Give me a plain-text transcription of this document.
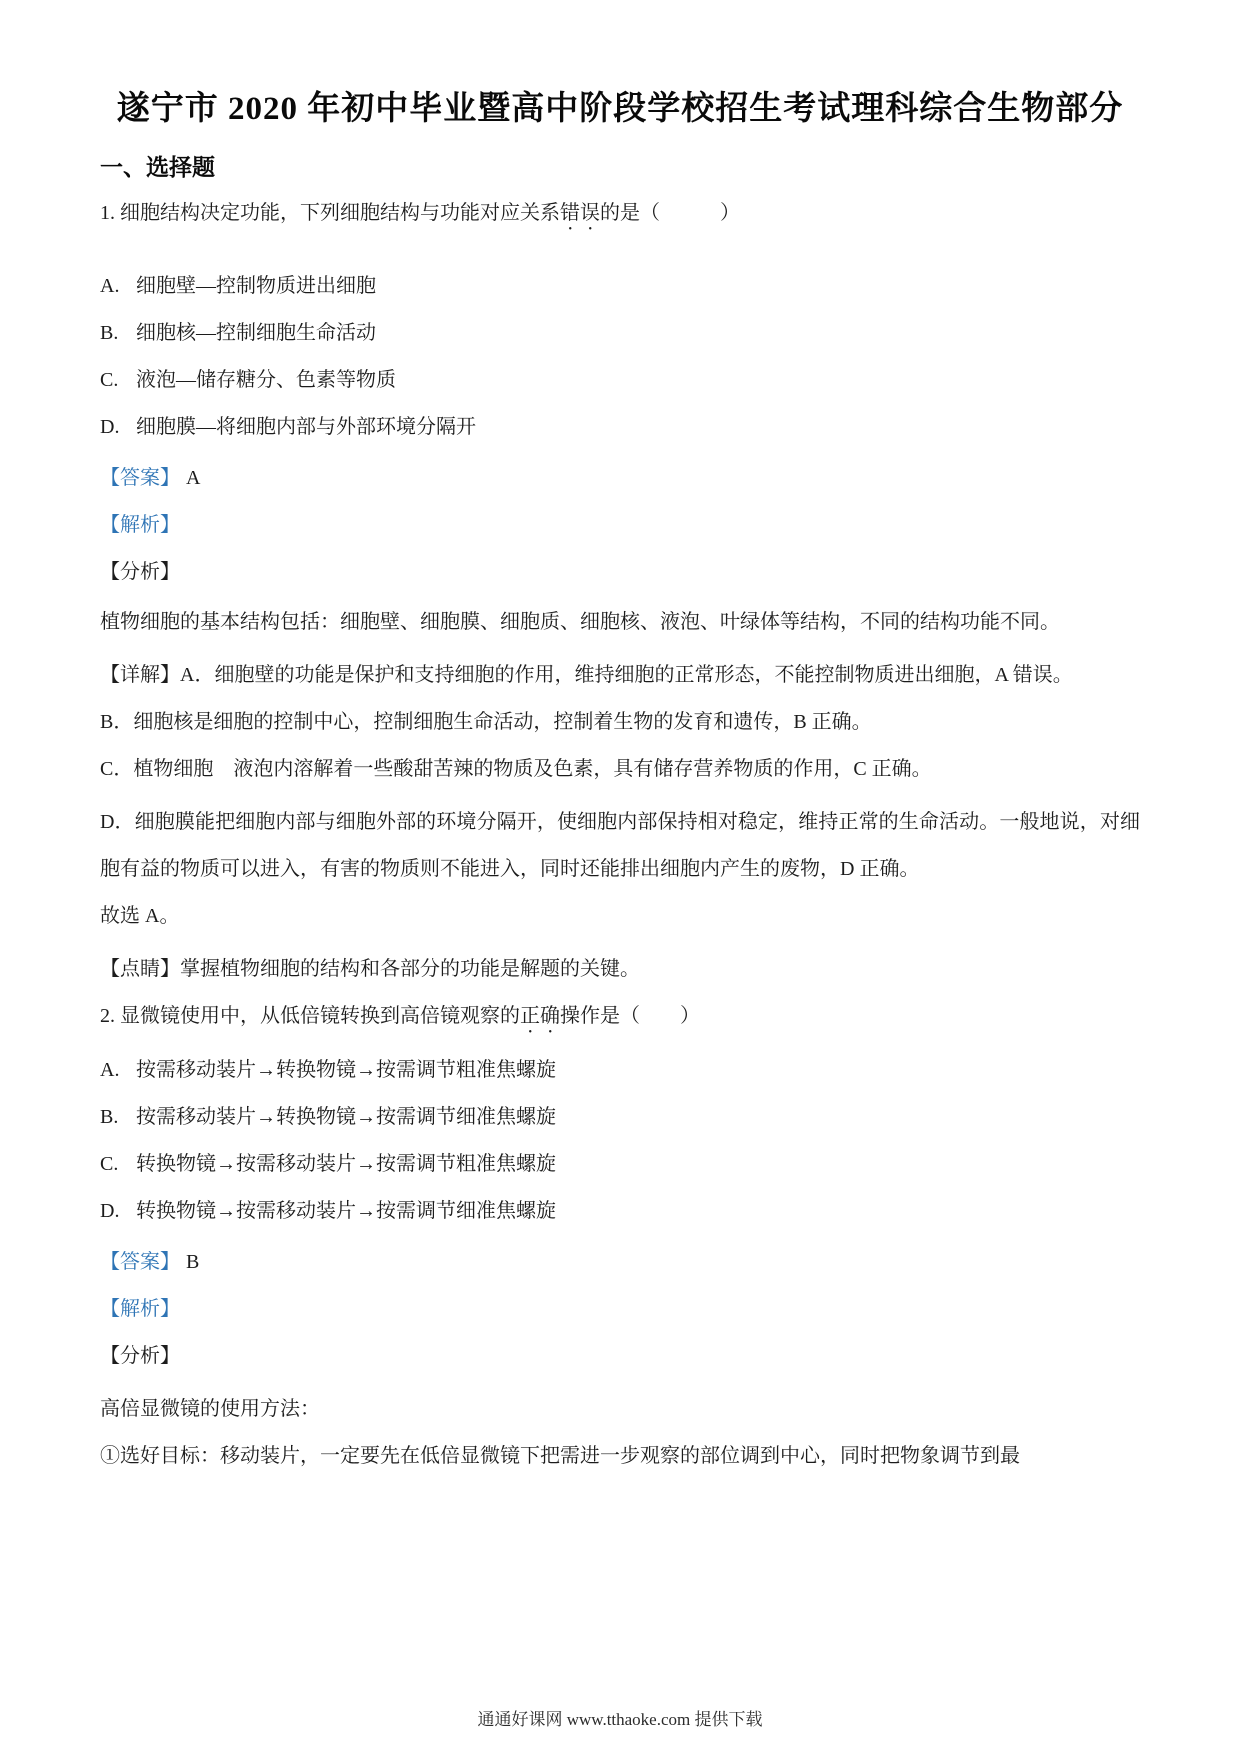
遂宁市 2020 年初中毕业暨高中阶段学校招生考试理科综合生物部分
一、选择题

1. 细胞结构决定功能，下列细胞结构与功能对应关系错误的是（　　　）

A. 细胞壁—控制物质进出细胞

B. 细胞核—控制细胞生命活动

C. 液泡—储存糖分、色素等物质

D. 细胞膜—将细胞内部与外部环境分隔开

【答案】 A

【解析】

【分析】

植物细胞的基本结构包括：细胞壁、细胞膜、细胞质、细胞核、液泡、叶绿体等结构，不同的结构功能不同。

【详解】A．细胞壁的功能是保护和支持细胞的作用，维持细胞的正常形态，不能控制物质进出细胞，A 错误。

B．细胞核是细胞的控制中心，控制细胞生命活动，控制着生物的发育和遗传，B 正确。

C．植物细胞　液泡内溶解着一些酸甜苦辣的物质及色素，具有储存营养物质的作用，C 正确。

D．细胞膜能把细胞内部与细胞外部的环境分隔开，使细胞内部保持相对稳定，维持正常的生命活动。一般地说，对细胞有益的物质可以进入，有害的物质则不能进入，同时还能排出细胞内产生的废物，D 正确。

故选 A。

【点睛】掌握植物细胞的结构和各部分的功能是解题的关键。

2. 显微镜使用中，从低倍镜转换到高倍镜观察的正确操作是（　　）

A. 按需移动装片→转换物镜→按需调节粗准焦螺旋

B. 按需移动装片→转换物镜→按需调节细准焦螺旋

C. 转换物镜→按需移动装片→按需调节粗准焦螺旋

D. 转换物镜→按需移动装片→按需调节细准焦螺旋

【答案】 B

【解析】

【分析】

高倍显微镜的使用方法：

①选好目标：移动装片，一定要先在低倍显微镜下把需进一步观察的部位调到中心，同时把物象调节到最

通通好课网 www.tthaoke.com 提供下载
